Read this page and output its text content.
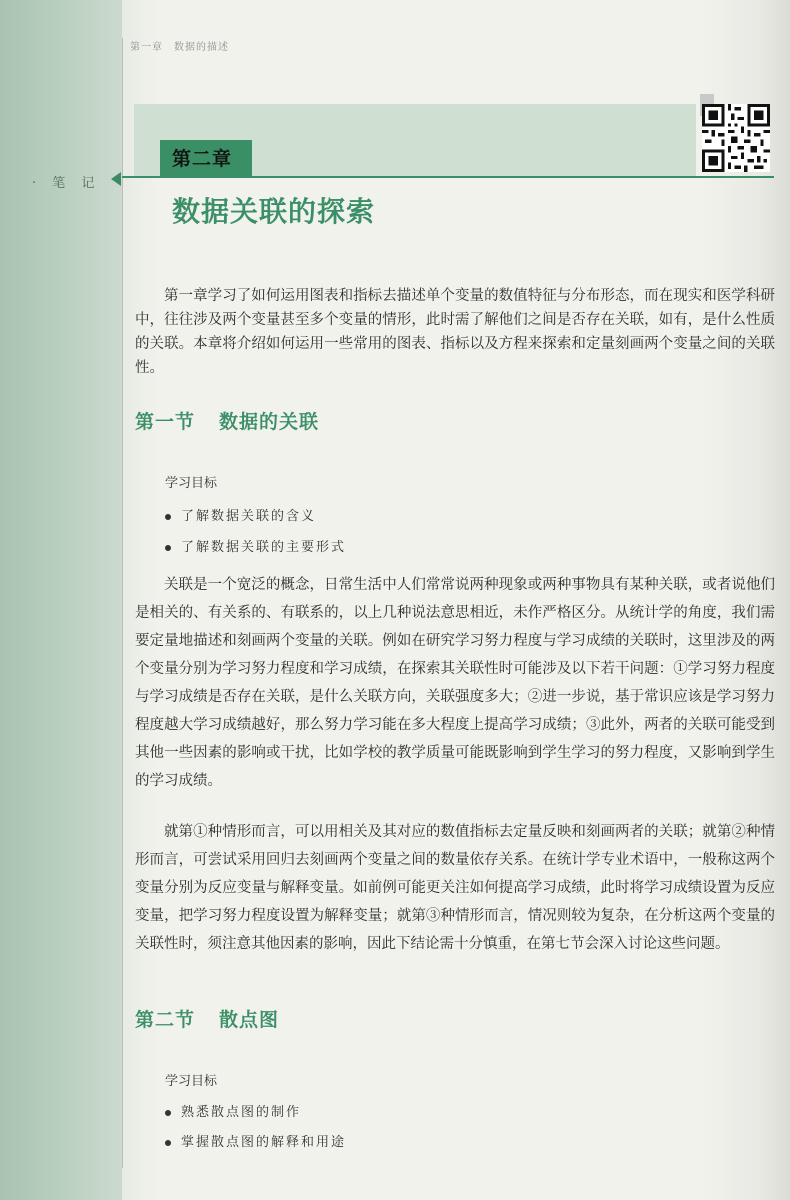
第一章　数据的描述
· 笔 记
第二章
数据关联的探索
第一章学习了如何运用图表和指标去描述单个变量的数值特征与分布形态，而在现实和医学科研中，往往涉及两个变量甚至多个变量的情形，此时需了解他们之间是否存在关联，如有，是什么性质的关联。本章将介绍如何运用一些常用的图表、指标以及方程来探索和定量刻画两个变量之间的关联性。
第一节 数据的关联
学习目标
了解数据关联的含义
了解数据关联的主要形式
关联是一个宽泛的概念，日常生活中人们常常说两种现象或两种事物具有某种关联，或者说他们是相关的、有关系的、有联系的，以上几种说法意思相近，未作严格区分。从统计学的角度，我们需要定量地描述和刻画两个变量的关联。例如在研究学习努力程度与学习成绩的关联时，这里涉及的两个变量分别为学习努力程度和学习成绩，在探索其关联性时可能涉及以下若干问题：①学习努力程度与学习成绩是否存在关联，是什么关联方向，关联强度多大；②进一步说，基于常识应该是学习努力程度越大学习成绩越好，那么努力学习能在多大程度上提高学习成绩；③此外，两者的关联可能受到其他一些因素的影响或干扰，比如学校的教学质量可能既影响到学生学习的努力程度，又影响到学生的学习成绩。
就第①种情形而言，可以用相关及其对应的数值指标去定量反映和刻画两者的关联；就第②种情形而言，可尝试采用回归去刻画两个变量之间的数量依存关系。在统计学专业术语中，一般称这两个变量分别为反应变量与解释变量。如前例可能更关注如何提高学习成绩，此时将学习成绩设置为反应变量，把学习努力程度设置为解释变量；就第③种情形而言，情况则较为复杂，在分析这两个变量的关联性时，须注意其他因素的影响，因此下结论需十分慎重，在第七节会深入讨论这些问题。
第二节 散点图
学习目标
熟悉散点图的制作
掌握散点图的解释和用途
